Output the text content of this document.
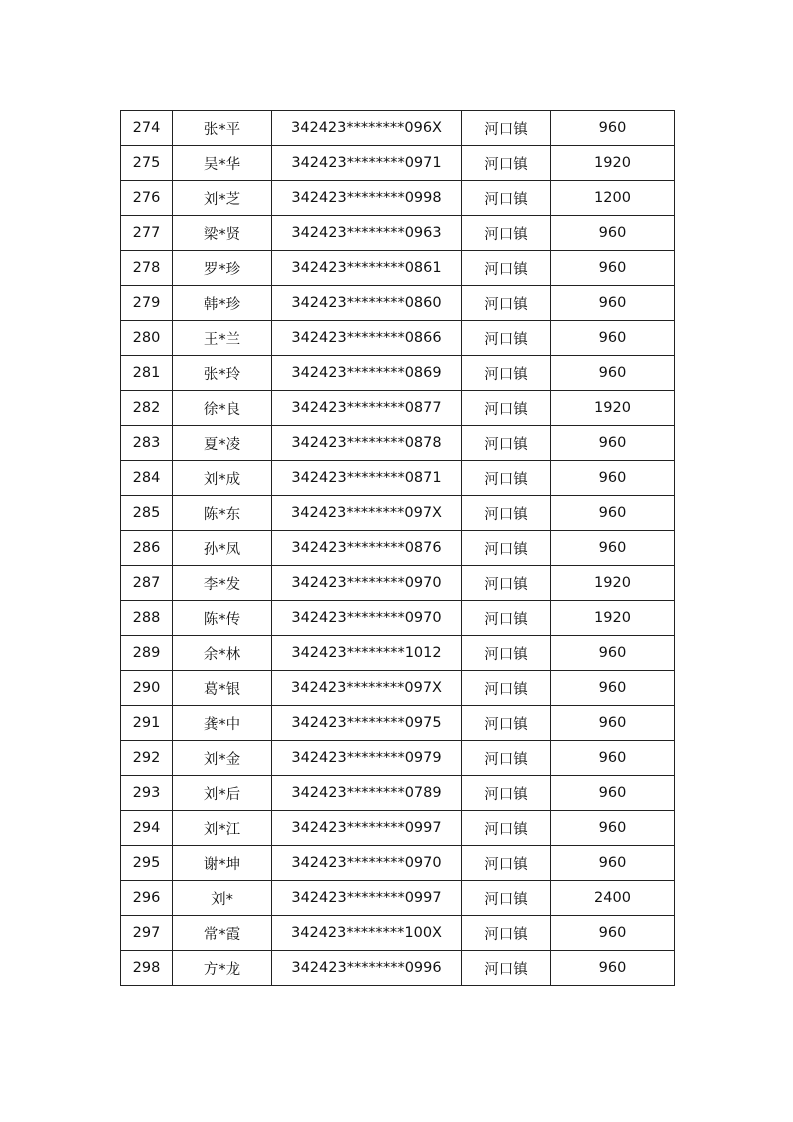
274	张*平	342423********096X	河口镇	960
275	吴*华	342423********0971	河口镇	1920
276	刘*芝	342423********0998	河口镇	1200
277	梁*贤	342423********0963	河口镇	960
278	罗*珍	342423********0861	河口镇	960
279	韩*珍	342423********0860	河口镇	960
280	王*兰	342423********0866	河口镇	960
281	张*玲	342423********0869	河口镇	960
282	徐*良	342423********0877	河口镇	1920
283	夏*凌	342423********0878	河口镇	960
284	刘*成	342423********0871	河口镇	960
285	陈*东	342423********097X	河口镇	960
286	孙*凤	342423********0876	河口镇	960
287	李*发	342423********0970	河口镇	1920
288	陈*传	342423********0970	河口镇	1920
289	余*林	342423********1012	河口镇	960
290	葛*银	342423********097X	河口镇	960
291	龚*中	342423********0975	河口镇	960
292	刘*金	342423********0979	河口镇	960
293	刘*后	342423********0789	河口镇	960
294	刘*江	342423********0997	河口镇	960
295	谢*坤	342423********0970	河口镇	960
296	刘*	342423********0997	河口镇	2400
297	常*霞	342423********100X	河口镇	960
298	方*龙	342423********0996	河口镇	960
